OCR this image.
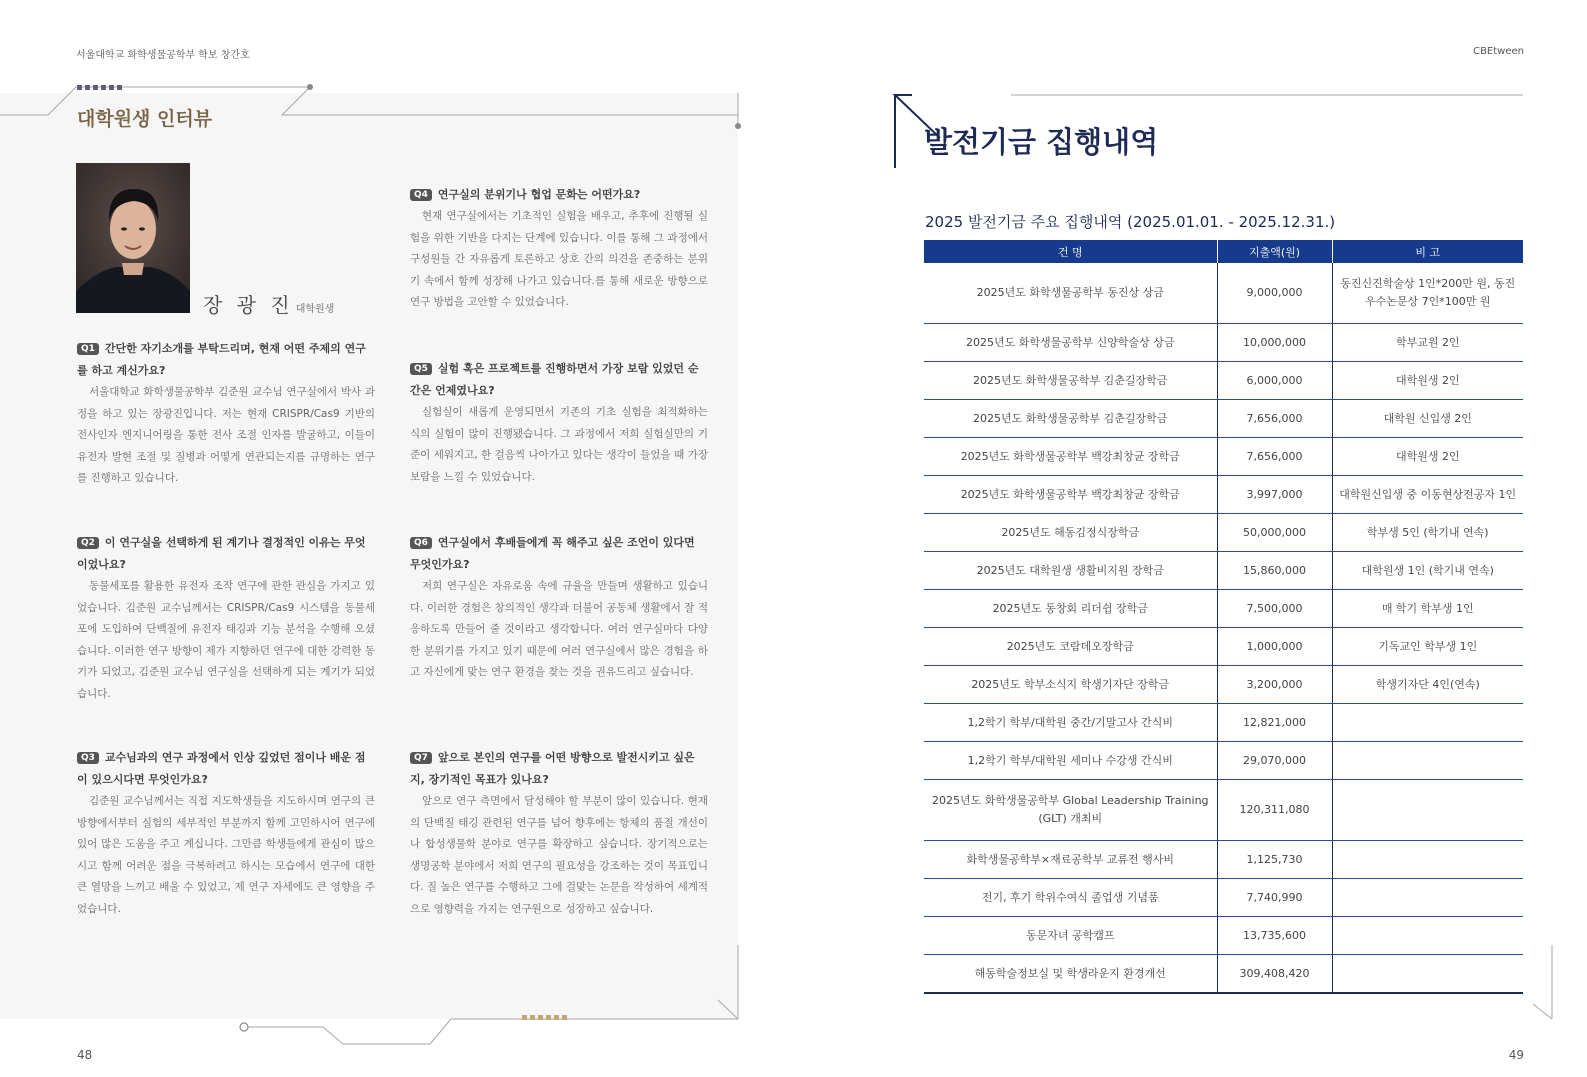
서울대학교 화학생물공학부 학보 창간호	CBEtween
대학원생 인터뷰
장 광 진 대학원생
Q1 간단한 자기소개를 부탁드리며, 현재 어떤 주제의 연구를 하고 계신가요?

서울대학교 화학생물공학부 김준원 교수님 연구실에서 박사 과정을 하고 있는 장광진입니다. 저는 현재 CRISPR/Cas9 기반의 전사인자 엔지니어링을 통한 전사 조절 인자를 발굴하고, 이들이 유전자 발현 조절 및 질병과 어떻게 연관되는지를 규명하는 연구를 진행하고 있습니다.

Q2 이 연구실을 선택하게 된 계기나 결정적인 이유는 무엇이었나요?

동물세포를 활용한 유전자 조작 연구에 관한 관심을 가지고 있었습니다. 김준원 교수님께서는 CRISPR/Cas9 시스템을 동물세포에 도입하여 단백질에 유전자 태깅과 기능 분석을 수행해 오셨습니다. 이러한 연구 방향이 제가 지향하던 연구에 대한 강력한 동기가 되었고, 김준원 교수님 연구실을 선택하게 되는 계기가 되었습니다.

Q3 교수님과의 연구 과정에서 인상 깊었던 점이나 배운 점이 있으시다면 무엇인가요?

김준원 교수님께서는 직접 지도학생들을 지도하시며 연구의 큰 방향에서부터 실험의 세부적인 부분까지 함께 고민하시어 연구에 있어 많은 도움을 주고 계십니다. 그만큼 학생들에게 관심이 많으시고 함께 어려운 점을 극복하려고 하시는 모습에서 연구에 대한 큰 열망을 느끼고 배울 수 있었고, 제 연구 자세에도 큰 영향을 주었습니다.

Q4 연구실의 분위기나 협업 문화는 어떤가요?

현재 연구실에서는 기초적인 실험을 배우고, 추후에 진행될 실험을 위한 기반을 다지는 단계에 있습니다. 이를 통해 그 과정에서 구성원들 간 자유롭게 토론하고 상호 간의 의견을 존중하는 분위기 속에서 함께 성장해 나가고 있습니다.를 통해 새로운 방향으로 연구 방법을 고안할 수 있었습니다.

Q5 실험 혹은 프로젝트를 진행하면서 가장 보람 있었던 순간은 언제였나요?

실험실이 새롭게 운영되면서 기존의 기초 실험을 최적화하는 식의 실험이 많이 진행됐습니다. 그 과정에서 저희 실험실만의 기준이 세워지고, 한 걸음씩 나아가고 있다는 생각이 들었을 때 가장 보람을 느낄 수 있었습니다.

Q6 연구실에서 후배들에게 꼭 해주고 싶은 조언이 있다면 무엇인가요?

저희 연구실은 자유로움 속에 규율을 만들며 생활하고 있습니다. 이러한 경험은 창의적인 생각과 더불어 공동체 생활에서 잘 적응하도록 만들어 줄 것이라고 생각합니다. 여러 연구실마다 다양한 분위기를 가지고 있기 때문에 여러 연구실에서 많은 경험을 하고 자신에게 맞는 연구 환경을 찾는 것을 권유드리고 싶습니다.

Q7 앞으로 본인의 연구를 어떤 방향으로 발전시키고 싶은지, 장기적인 목표가 있나요?

앞으로 연구 측면에서 달성해야 할 부분이 많이 있습니다. 현재의 단백질 태깅 관련된 연구를 넘어 향후에는 항체의 품질 개선이나 합성생물학 분야로 연구를 확장하고 싶습니다. 장기적으로는 생명공학 분야에서 저희 연구의 필요성을 강조하는 것이 목표입니다. 질 높은 연구를 수행하고 그에 걸맞는 논문을 작성하여 세계적으로 영향력을 가지는 연구원으로 성장하고 싶습니다.

48
발전기금 집행내역
2025 발전기금 주요 집행내역 (2025.01.01. - 2025.12.31.)
건 명	지출액(원)	비 고
2025년도 화학생물공학부 동진상 상금	9,000,000	동진신진학술상 1인*200만 원, 동진우수논문상 7인*100만 원
2025년도 화학생물공학부 신양학술상 상금	10,000,000	학부교원 2인
2025년도 화학생물공학부 김춘길장학금	6,000,000	대학원생 2인
2025년도 화학생물공학부 김춘길장학금	7,656,000	대학원 신입생 2인
2025년도 화학생물공학부 백강최창균 장학금	7,656,000	대학원생 2인
2025년도 화학생물공학부 백강최창균 장학금	3,997,000	대학원신입생 중 이동현상전공자 1인
2025년도 해동김정식장학금	50,000,000	학부생 5인 (학기내 연속)
2025년도 대학원생 생활비지원 장학금	15,860,000	대학원생 1인 (학기내 연속)
2025년도 동창회 리더쉽 장학금	7,500,000	매 학기 학부생 1인
2025년도 코람데오장학금	1,000,000	기독교인 학부생 1인
2025년도 학부소식지 학생기자단 장학금	3,200,000	학생기자단 4인(연속)
1,2학기 학부/대학원 중간/기말고사 간식비	12,821,000	
1,2학기 학부/대학원 세미나 수강생 간식비	29,070,000	
2025년도 화학생물공학부 Global Leadership Training (GLT) 개최비	120,311,080	
화학생물공학부×재료공학부 교류전 행사비	1,125,730	
전기, 후기 학위수여식 졸업생 기념품	7,740,990	
동문자녀 공학캠프	13,735,600	
해동학술정보실 및 학생라운지 환경개선	309,408,420	
49
